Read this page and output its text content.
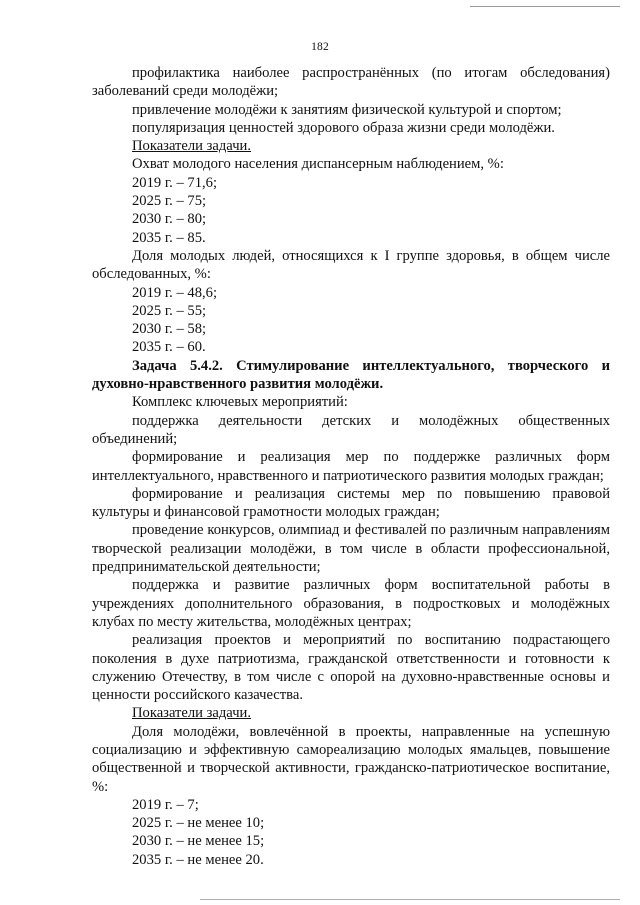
182

профилактика наиболее распространённых (по итогам обследования) заболеваний среди молодёжи;

привлечение молодёжи к занятиям физической культурой и спортом;

популяризация ценностей здорового образа жизни среди молодёжи.

Показатели задачи.

Охват молодого населения диспансерным наблюдением, %:

2019 г. – 71,6;

2025 г. – 75;

2030 г. – 80;

2035 г. – 85.

Доля молодых людей, относящихся к I группе здоровья, в общем числе обследованных, %:

2019 г. – 48,6;

2025 г. – 55;

2030 г. – 58;

2035 г. – 60.

Задача 5.4.2. Стимулирование интеллектуального, творческого и духовно-нравственного развития молодёжи.

Комплекс ключевых мероприятий:

поддержка деятельности детских и молодёжных общественных объединений;

формирование и реализация мер по поддержке различных форм интеллектуального, нравственного и патриотического развития молодых граждан;

формирование и реализация системы мер по повышению правовой культуры и финансовой грамотности молодых граждан;

проведение конкурсов, олимпиад и фестивалей по различным направлениям творческой реализации молодёжи, в том числе в области профессиональной, предпринимательской деятельности;

поддержка и развитие различных форм воспитательной работы в учреждениях дополнительного образования, в подростковых и молодёжных клубах по месту жительства, молодёжных центрах;

реализация проектов и мероприятий по воспитанию подрастающего поколения в духе патриотизма, гражданской ответственности и готовности к служению Отечеству, в том числе с опорой на духовно-нравственные основы и ценности российского казачества.

Показатели задачи.

Доля молодёжи, вовлечённой в проекты, направленные на успешную социализацию и эффективную самореализацию молодых ямальцев, повышение общественной и творческой активности, гражданско-патриотическое воспитание, %:

2019 г. – 7;

2025 г. – не менее 10;

2030 г. – не менее 15;

2035 г. – не менее 20.
